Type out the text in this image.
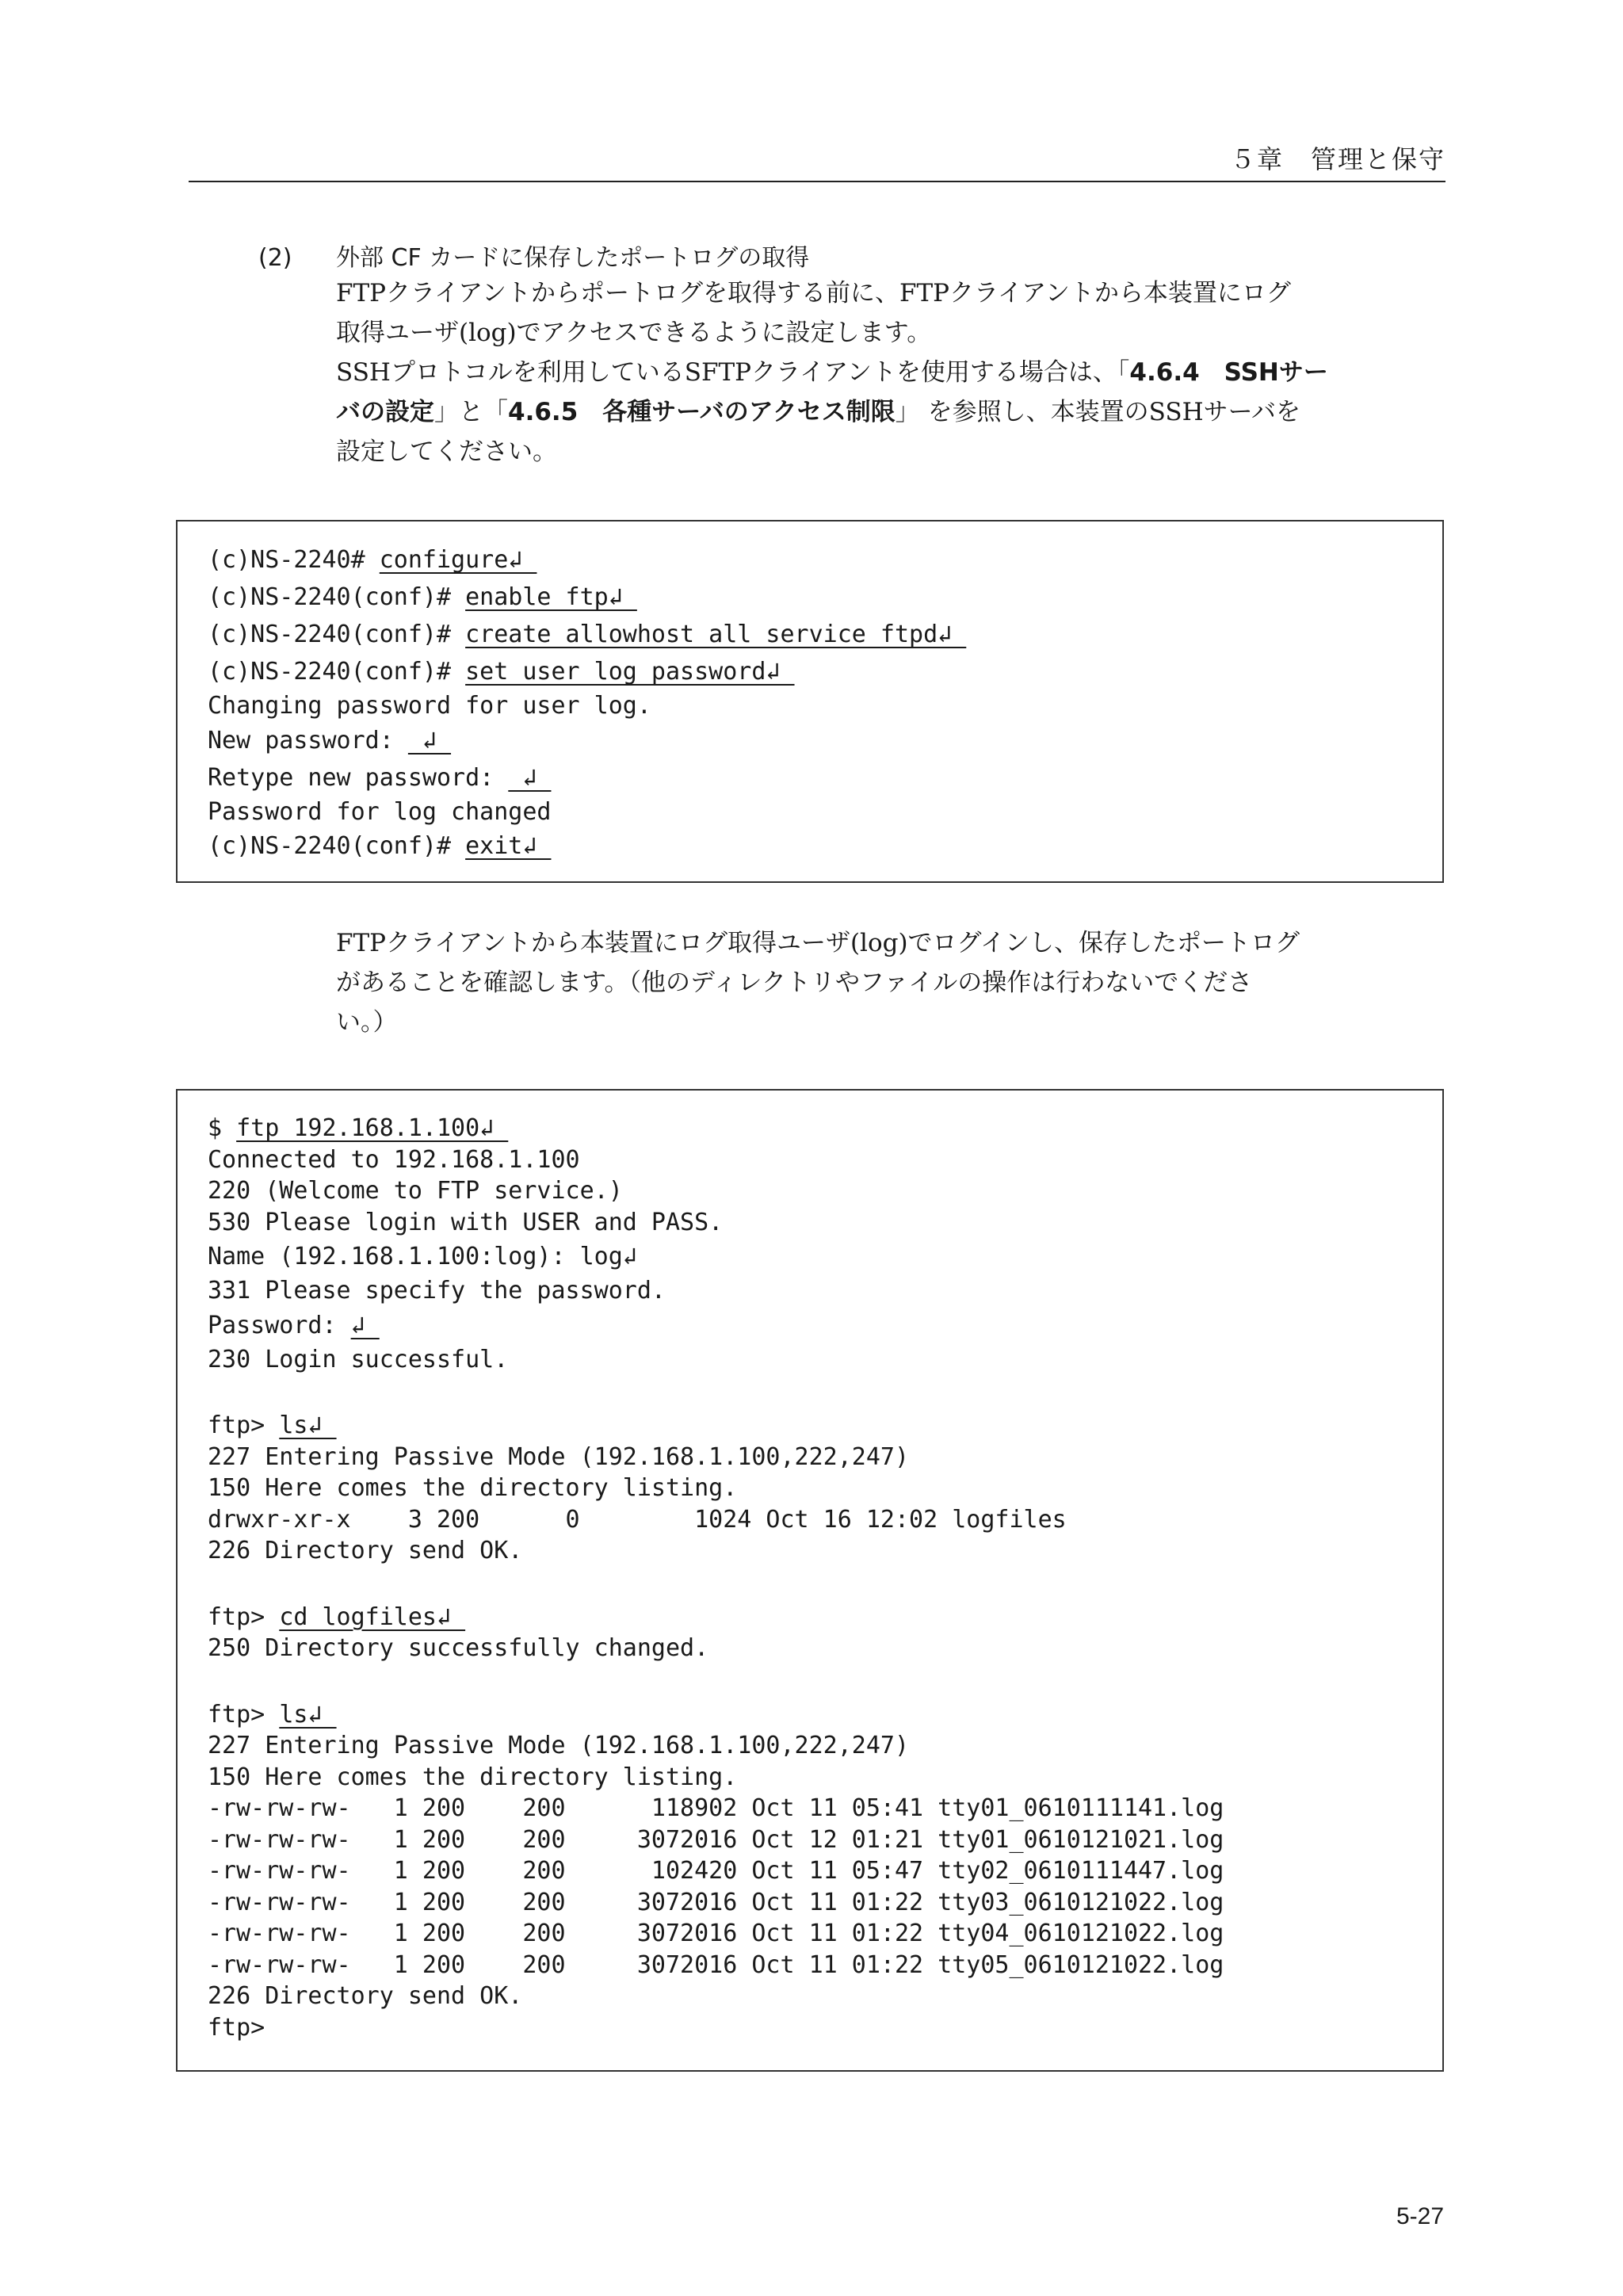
５章　管理と保守
(2) 外部 CF カードに保存したポートログの取得
FTPクライアントからポートログを取得する前に、FTPクライアントから本装置にログ
取得ユーザ(log)でアクセスできるように設定します。
SSHプロトコルを利用しているSFTPクライアントを使用する場合は、「4.6.4　SSHサー
バの設定」と「4.6.5　各種サーバのアクセス制限」 を参照し、本装置のSSHサーバを
設定してください。
(c)NS-2240# configure↲
(c)NS-2240(conf)# enable ftp↲
(c)NS-2240(conf)# create allowhost all service ftpd↲
(c)NS-2240(conf)# set user log password↲
Changing password for user log.
New password:  ↲
Retype new password:  ↲
Password for log changed
(c)NS-2240(conf)# exit↲
FTPクライアントから本装置にログ取得ユーザ(log)でログインし、保存したポートログ
があることを確認します。（他のディレクトリやファイルの操作は行わないでくださ
い。）
$ ftp 192.168.1.100↲
Connected to 192.168.1.100
220 (Welcome to FTP service.)
530 Please login with USER and PASS.
Name (192.168.1.100:log): log↲
331 Please specify the password.
Password: ↲
230 Login successful.
ftp> ls↲
227 Entering Passive Mode (192.168.1.100,222,247)
150 Here comes the directory listing.
drwxr-xr-x    3 200      0        1024 Oct 16 12:02 logfiles
226 Directory send OK.
ftp> cd logfiles↲
250 Directory successfully changed.
ftp> ls↲
227 Entering Passive Mode (192.168.1.100,222,247)
150 Here comes the directory listing.
-rw-rw-rw-   1 200    200      118902 Oct 11 05:41 tty01_0610111141.log
-rw-rw-rw-   1 200    200     3072016 Oct 12 01:21 tty01_0610121021.log
-rw-rw-rw-   1 200    200      102420 Oct 11 05:47 tty02_0610111447.log
-rw-rw-rw-   1 200    200     3072016 Oct 11 01:22 tty03_0610121022.log
-rw-rw-rw-   1 200    200     3072016 Oct 11 01:22 tty04_0610121022.log
-rw-rw-rw-   1 200    200     3072016 Oct 11 01:22 tty05_0610121022.log
226 Directory send OK.
ftp>
5-27
